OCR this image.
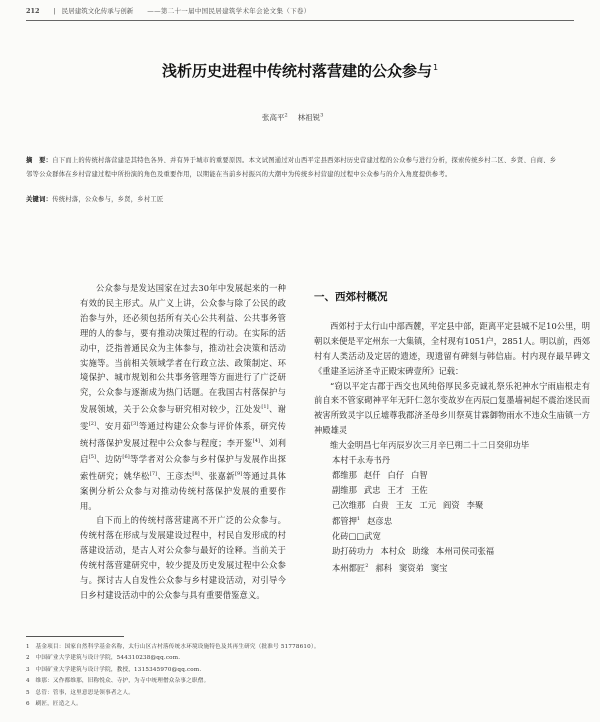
212 | 民居建筑文化传承与创新 ——第二十一届中国民居建筑学术年会论文集（下卷）
浅析历史进程中传统村落营建的公众参与$^1$
张高平$^2$ 林祖锐$^3$
摘　要：自下而上的传统村落营建是其特色各异、并有异于城市的重要原因。本文试图通过对山西平定县西郊村历史营建过程的公众参与进行分析，探索传统乡村二区、乡贤、自商、乡邻等公众群体在乡村营建过程中所扮演的角色及重要作用，以期能在当前乡村振兴的大潮中为传统乡村营建的过程中公众参与的介入角度提供参考。
关键词：传统村落，公众参与，乡贤，乡村工匠

公众参与是发达国家在过去30年中发展起来的一种有效的民主形式。从广义上讲，公众参与除了公民的政治参与外，还必须包括所有关心公共利益、公共事务管理的人的参与，要有推动决策过程的行动。在实际的活动中，泛指普通民众为主体参与，推动社会决策和活动实施等。当前相关领域学者在行政立法、政策制定、环境保护、城市规划和公共事务管理等方面进行了广泛研究，公众参与逐渐成为热门话题。在我国古村落保护与发展领域，关于公众参与研究相对较少，江处发[1]、谢雯[2]、安月茹[3]等通过构建公众参与评价体系，研究传统村落保护发展过程中公众参与程度；李开鉴[4]、刘利启[5]、边防[6]等学者对公众参与乡村保护与发展作出探索性研究；姚华松[7]、王彦杰[8]、张嘉新[9]等通过具体案例分析公众参与对推动传统村落保护发展的重要作用。

自下而上的传统村落营建离不开广泛的公众参与。传统村落在形成与发展建设过程中，村民自发形成的村落建设活动，是古人对公众参与最好的诠释。当前关于传统村落营建研究中，较少提及历史发展过程中公众参与。探讨古人自发性公众参与乡村建设活动，对引导今日乡村建设活动中的公众参与具有重要借鉴意义。

一、西郊村概况

西郊村于太行山中部西麓，平定县中部，距离平定县城不足10公里，明朝以来便是平定州东一大集镇，全村现有1051户，2851人。明以前，西郊村有人类活动及定居的遗迹，现遗留有碑刻与韩信庙。村内现存最早碑文《重建圣运济圣寺正殿宋碑壹所》记载：

“窃以平定古郡于西交也风纯俗厚民多克诚礼祭乐祀神水宁雨庙根走有前自来不管家砌神平年无阡仁忽尔变故岁在丙辰□复墨墙祠起不震治迷民而被害所致灵宇以丘墟尊我郡济圣母乡川祭莫甘霖御物雨水不违众生庙镇一方神殿雄灵
维大金明昌七年丙辰岁次三月辛巳朔二十二日癸卯功毕
本村千永寿书丹
都维那 赵仟 白仔 白智
副维那 武忠 王才 王佐
己次维那 白贵 王友 工元 阎资 李聚
都管押$^1$ 赵彦忠
化砖□□武宽
助打砖功力 本村众 助缘 本州司侯司张福
本州都匠$^2$ 郝科 窦资弟 窦宝
1　基金项目：国家自然科学基金名称，太行山区古村落传统水环境设施特色及其再生研究（批准号 51778610）。
2　中国矿业大学建筑与设计学院，544310238@qq.com.
3　中国矿业大学建筑与设计学院，教授，1315345970@qq.com.
4　维那：又作都维那，旧称悦众、寺护，为寺中统理僧众杂事之职僧。
5　总管：管事，这里意思是领事者之人。
6　刷匠，匠造之人。
